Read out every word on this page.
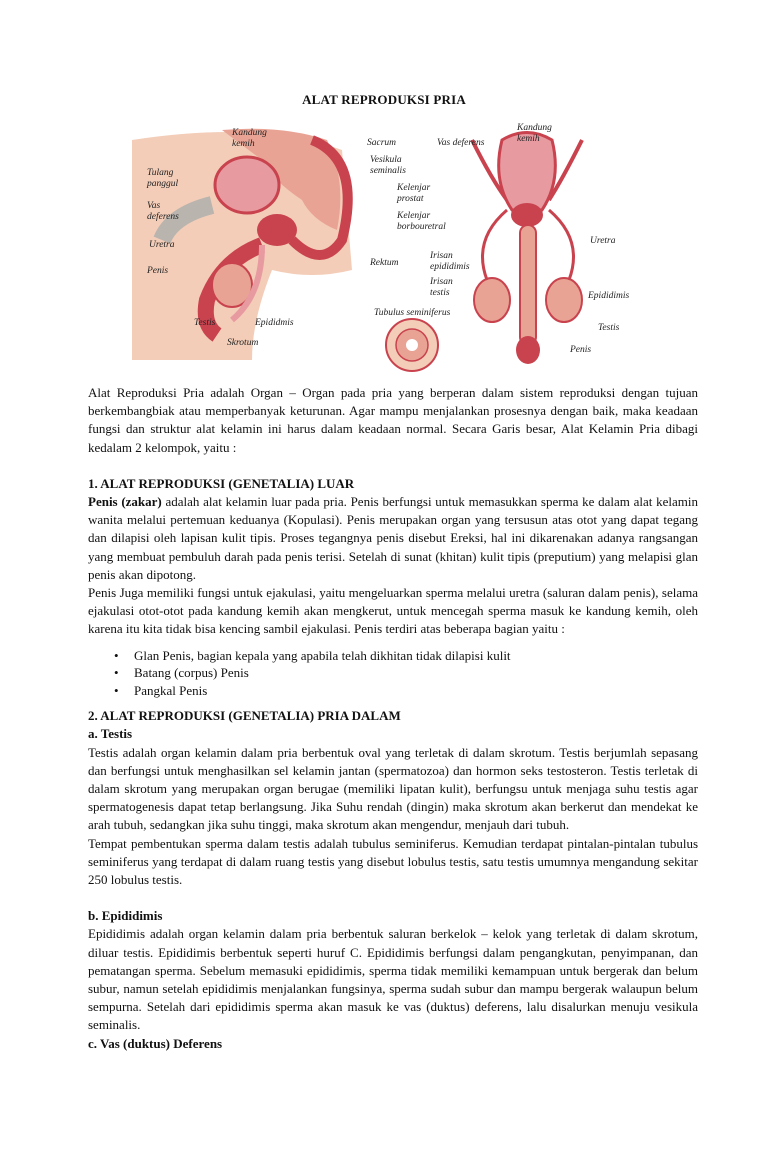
ALAT REPRODUKSI PRIA
Kandung
kemih	Sacrum
Tulang
panggul
Vesikula
seminalis
Vas
deferens
Kelenjar
prostat
Kelenjar
borbouretral
Uretra
Rektum
Penis
Testis	Epididmis
Skrotum
Vas deferens
Kandung
kemih
Uretra
Irisan
epididimis
Irisan
testis
Tubulus seminiferus
Epididimis
Testis
Penis

Alat Reproduksi Pria adalah Organ – Organ pada pria yang berperan dalam sistem reproduksi dengan tujuan berkembangbiak atau memperbanyak keturunan. Agar mampu menjalankan prosesnya dengan baik, maka keadaan fungsi dan struktur alat kelamin ini harus dalam keadaan normal. Secara Garis besar, Alat Kelamin Pria dibagi kedalam 2 kelompok, yaitu :

1. ALAT REPRODUKSI (GENETALIA) LUAR

Penis (zakar) adalah alat kelamin luar pada pria. Penis berfungsi untuk memasukkan sperma ke dalam alat kelamin wanita melalui pertemuan keduanya (Kopulasi). Penis merupakan organ yang tersusun atas otot yang dapat tegang dan dilapisi oleh lapisan kulit tipis. Proses tegangnya penis disebut Ereksi, hal ini dikarenakan adanya rangsangan yang membuat pembuluh darah pada penis terisi. Setelah di sunat (khitan) kulit tipis (preputium) yang melapisi glan penis akan dipotong.

Penis Juga memiliki fungsi untuk ejakulasi, yaitu mengeluarkan sperma melalui uretra (saluran dalam penis), selama ejakulasi otot-otot pada kandung kemih akan mengkerut, untuk mencegah sperma masuk ke kandung kemih, oleh karena itu kita tidak bisa kencing sambil ejakulasi. Penis terdiri atas beberapa bagian yaitu :

• Glan Penis, bagian kepala yang apabila telah dikhitan tidak dilapisi kulit
• Batang (corpus) Penis
• Pangkal Penis

2. ALAT REPRODUKSI (GENETALIA) PRIA DALAM

a. Testis

Testis adalah organ kelamin dalam pria berbentuk oval yang terletak di dalam skrotum. Testis berjumlah sepasang dan berfungsi untuk menghasilkan sel kelamin jantan (spermatozoa) dan hormon seks testosteron. Testis terletak di dalam skrotum yang merupakan organ berugae (memiliki lipatan kulit), berfungsu untuk menjaga suhu testis agar spermatogenesis dapat tetap berlangsung. Jika Suhu rendah (dingin) maka skrotum akan berkerut dan mendekat ke arah tubuh, sedangkan jika suhu tinggi, maka skrotum akan mengendur, menjauh dari tubuh.

Tempat pembentukan sperma dalam testis adalah tubulus seminiferus. Kemudian terdapat pintalan-pintalan tubulus seminiferus yang terdapat di dalam ruang testis yang disebut lobulus testis, satu testis umumnya mengandung sekitar 250 lobulus testis.

b. Epididimis

Epididimis adalah organ kelamin dalam pria berbentuk saluran berkelok – kelok yang terletak di dalam skrotum, diluar testis. Epididimis berbentuk seperti huruf C. Epididimis berfungsi dalam pengangkutan, penyimpanan, dan pematangan sperma. Sebelum memasuki epididimis, sperma tidak memiliki kemampuan untuk bergerak dan belum subur, namun setelah epididimis menjalankan fungsinya, sperma sudah subur dan mampu bergerak walaupun belum sempurna. Setelah dari epididimis sperma akan masuk ke vas (duktus) deferens, lalu disalurkan menuju vesikula seminalis.

c. Vas (duktus) Deferens
